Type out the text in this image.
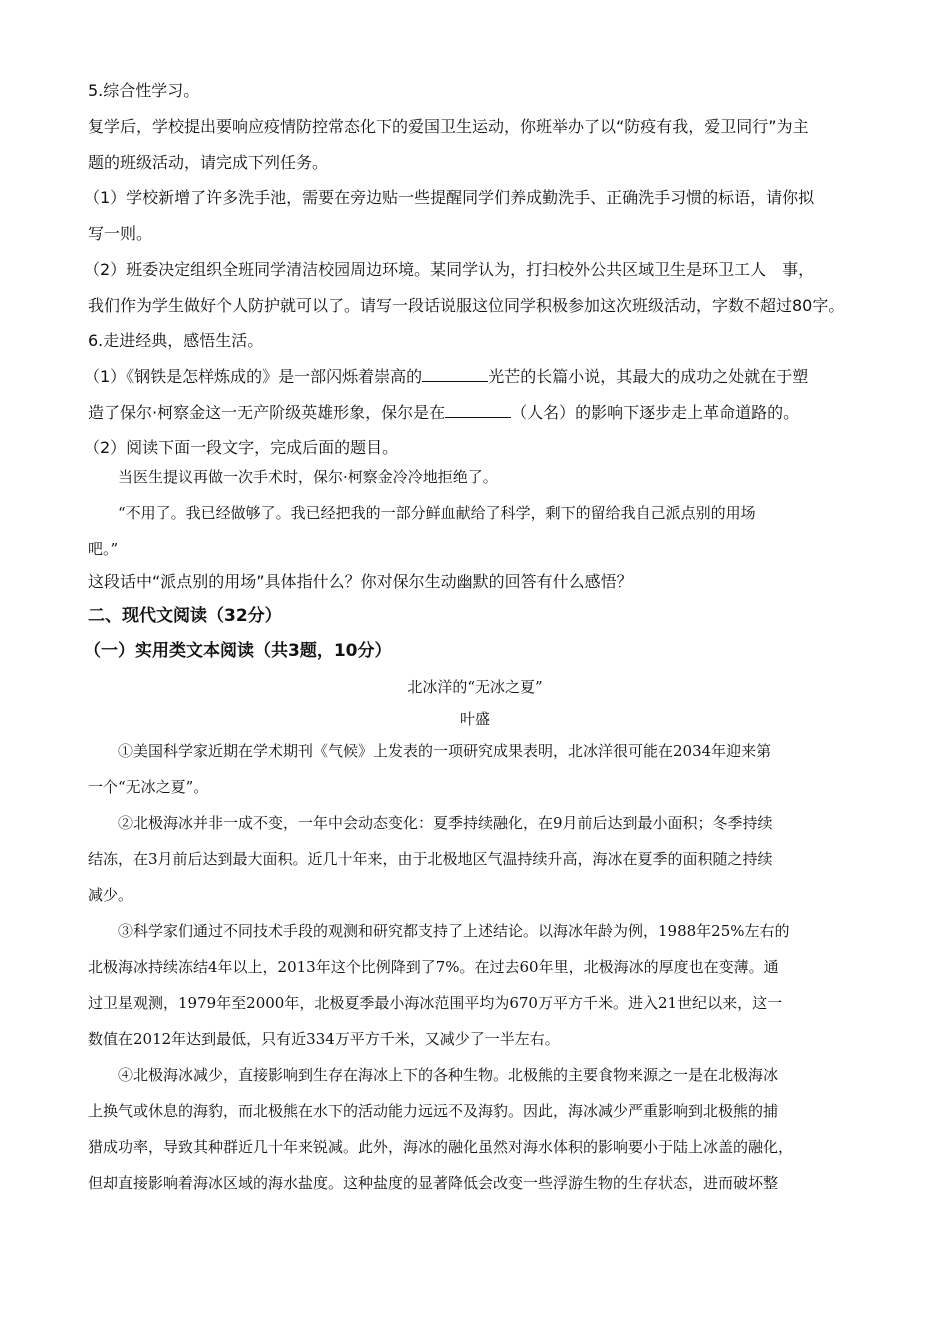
5.综合性学习。
复学后，学校提出要响应疫情防控常态化下的爱国卫生运动，你班举办了以“防疫有我，爱卫同行”为主
题的班级活动，请完成下列任务。
（1）学校新增了许多洗手池，需要在旁边贴一些提醒同学们养成勤洗手、正确洗手习惯的标语，请你拟
写一则。
（2）班委决定组织全班同学清洁校园周边环境。某同学认为，打扫校外公共区域卫生是环卫工人　事，
我们作为学生做好个人防护就可以了。请写一段话说服这位同学积极参加这次班级活动，字数不超过80字。
6.走进经典，感悟生活。
（1）《钢铁是怎样炼成的》是一部闪烁着崇高的	光芒的长篇小说，其最大的成功之处就在于塑
造了保尔·柯察金这一无产阶级英雄形象，保尔是在	（人名）的影响下逐步走上革命道路的。
（2）阅读下面一段文字，完成后面的题目。
当医生提议再做一次手术时，保尔·柯察金冷冷地拒绝了。
“不用了。我已经做够了。我已经把我的一部分鲜血献给了科学，剩下的留给我自己派点别的用场
吧。”
这段话中“派点别的用场”具体指什么？你对保尔生动幽默的回答有什么感悟？
二、现代文阅读（32分）
（一）实用类文本阅读（共3题，10分）
北冰洋的“无冰之夏”
叶盛
①美国科学家近期在学术期刊《气候》上发表的一项研究成果表明，北冰洋很可能在2034年迎来第
一个“无冰之夏”。
②北极海冰并非一成不变，一年中会动态变化：夏季持续融化，在9月前后达到最小面积；冬季持续
结冻，在3月前后达到最大面积。近几十年来，由于北极地区气温持续升高，海冰在夏季的面积随之持续
减少。
③科学家们通过不同技术手段的观测和研究都支持了上述结论。以海冰年龄为例，1988年25%左右的
北极海冰持续冻结4年以上，2013年这个比例降到了7%。在过去60年里，北极海冰的厚度也在变薄。通
过卫星观测，1979年至2000年，北极夏季最小海冰范围平均为670万平方千米。进入21世纪以来，这一
数值在2012年达到最低，只有近334万平方千米，又减少了一半左右。
④北极海冰减少，直接影响到生存在海冰上下的各种生物。北极熊的主要食物来源之一是在北极海冰
上换气或休息的海豹，而北极熊在水下的活动能力远远不及海豹。因此，海冰减少严重影响到北极熊的捕
猎成功率，导致其种群近几十年来锐减。此外，海冰的融化虽然对海水体积的影响要小于陆上冰盖的融化，
但却直接影响着海冰区域的海水盐度。这种盐度的显著降低会改变一些浮游生物的生存状态，进而破坏整
